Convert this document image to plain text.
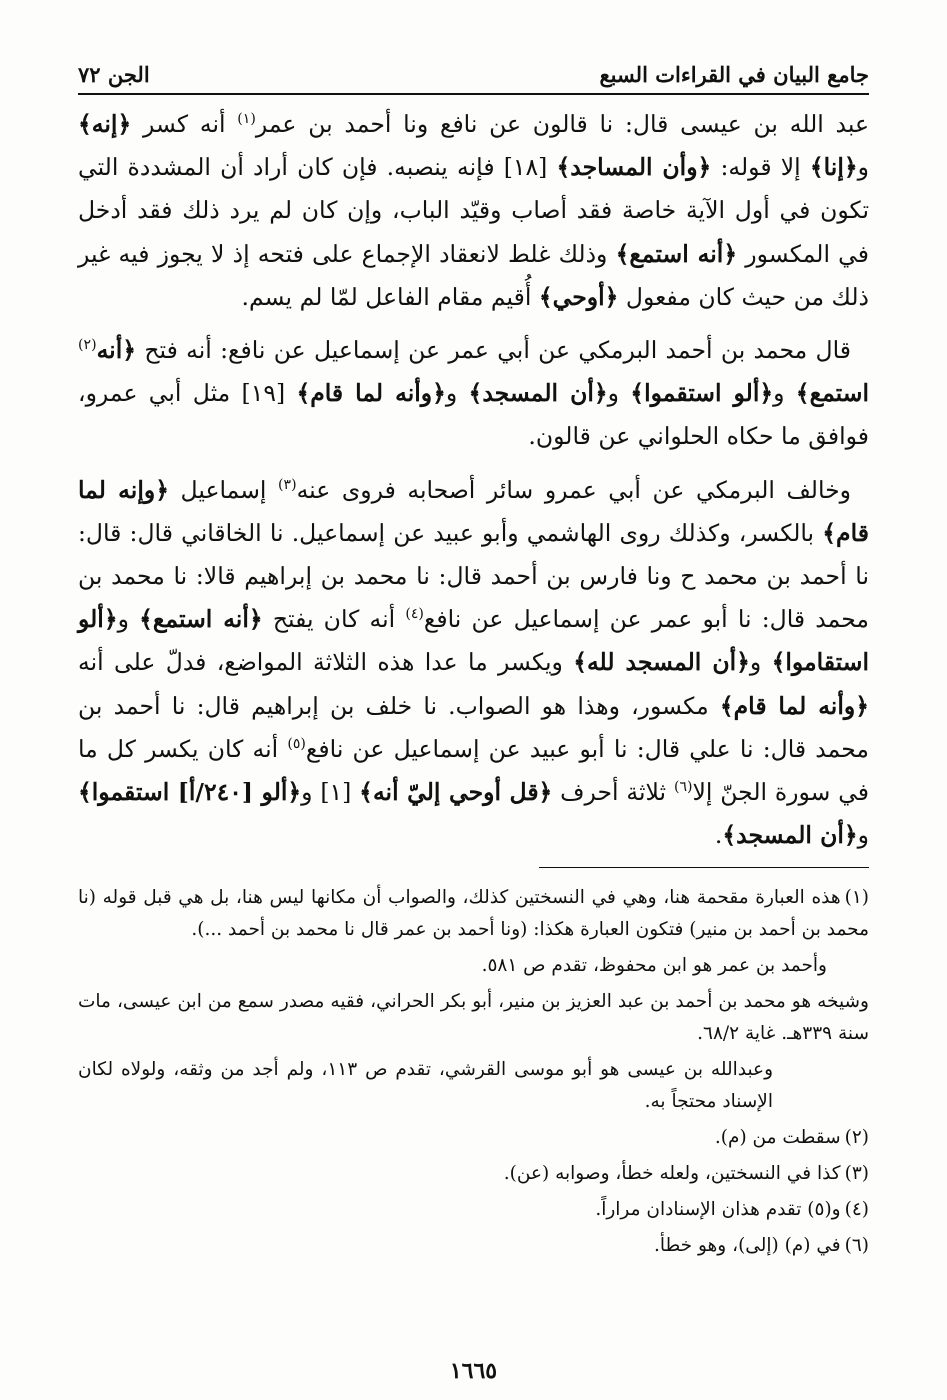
جامع البيان في القراءات السبع
الجن ٧٢

عبد الله بن عيسى قال: نا قالون عن نافع ونا أحمد بن عمر$^{(١)}$ أنه كسر ﴿إنه﴾ و﴿إنا﴾ إلا قوله: ﴿وأن المساجد﴾ [١٨] فإنه ينصبه. فإن كان أراد أن المشددة التي تكون في أول الآية خاصة فقد أصاب وقيّد الباب، وإن كان لم يرد ذلك فقد أدخل في المكسور ﴿أنه استمع﴾ وذلك غلط لانعقاد الإجماع على فتحه إذ لا يجوز فيه غير ذلك من حيث كان مفعول ﴿أوحي﴾ أُقيم مقام الفاعل لمّا لم يسم.

قال محمد بن أحمد البرمكي عن أبي عمر عن إسماعيل عن نافع: أنه فتح ﴿أنه$^{(٢)}$ استمع﴾ و﴿ألو استقموا﴾ و﴿أن المسجد﴾ و﴿وأنه لما قام﴾ [١٩] مثل أبي عمرو، فوافق ما حكاه الحلواني عن قالون.

وخالف البرمكي عن أبي عمرو سائر أصحابه فروى عنه$^{(٣)}$ إسماعيل ﴿وإنه لما قام﴾ بالكسر، وكذلك روى الهاشمي وأبو عبيد عن إسماعيل. نا الخاقاني قال: قال: نا أحمد بن محمد ح ونا فارس بن أحمد قال: نا محمد بن إبراهيم قالا: نا محمد بن محمد قال: نا أبو عمر عن إسماعيل عن نافع$^{(٤)}$ أنه كان يفتح ﴿أنه استمع﴾ و﴿ألو استقاموا﴾ و﴿أن المسجد لله﴾ ويكسر ما عدا هذه الثلاثة المواضع، فدلّ على أنه ﴿وأنه لما قام﴾ مكسور، وهذا هو الصواب. نا خلف بن إبراهيم قال: نا أحمد بن محمد قال: نا علي قال: نا أبو عبيد عن إسماعيل عن نافع$^{(٥)}$ أنه كان يكسر كل ما في سورة الجنّ إلا$^{(٦)}$ ثلاثة أحرف ﴿قل أوحي إليّ أنه﴾ [١] و﴿ألو [٢٤٠/أ] استقموا﴾ و﴿أن المسجد﴾.

(١)هذه العبارة مقحمة هنا، وهي في النسختين كذلك، والصواب أن مكانها ليس هنا، بل هي قبل قوله (نا محمد بن أحمد بن منير) فتكون العبارة هكذا: (ونا أحمد بن عمر قال نا محمد بن أحمد ...).
وأحمد بن عمر هو ابن محفوظ، تقدم ص ٥٨١.
وشيخه هو محمد بن أحمد بن عبد العزيز بن منير، أبو بكر الحراني، فقيه مصدر سمع من ابن عيسى، مات سنة ٣٣٩هـ. غاية ٦٨/٢.
وعبدالله بن عيسى هو أبو موسى القرشي، تقدم ص ١١٣، ولم أجد من وثقه، ولولاه لكان الإسناد محتجاً به.
(٢)سقطت من (م).
(٣)كذا في النسختين، ولعله خطأ، وصوابه (عن).
(٤)و(٥) تقدم هذان الإسنادان مراراً.
(٦)في (م) (إلى)، وهو خطأ.
١٦٦٥
